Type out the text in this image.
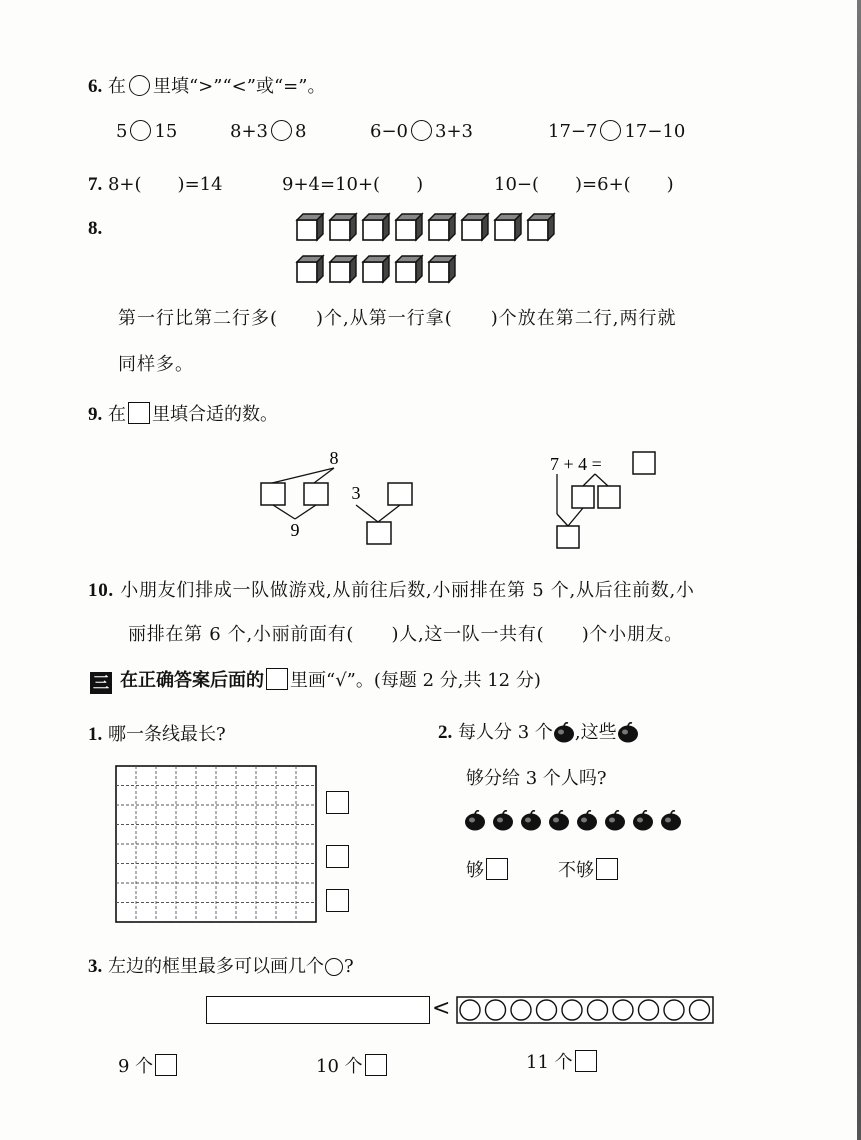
6. 在 里填“>”“<”或“=”。
5 15	8+3 8	6−0 3+3	17−7 17−10
7. 8+(　　)=14	9+4=10+(　　)	10−(　　)=6+(　　)
8.
第一行比第二行多(　　)个,从第一行拿(　　)个放在第二行,两行就
同样多。
9. 在 里填合适的数。
8
3
9
7 + 4 =
10. 小朋友们排成一队做游戏,从前往后数,小丽排在第 5 个,从后往前数,小
丽排在第 6 个,小丽前面有(　　)人,这一队一共有(　　)个小朋友。
三 在正确答案后面的 里画“√”。(每题 2 分,共 12 分)
1. 哪一条线最长?	2. 每人分 3 个 ,这些
够分给 3 个人吗?
够	不够
3. 左边的框里最多可以画几个 ?
<
9 个	10 个	11 个
